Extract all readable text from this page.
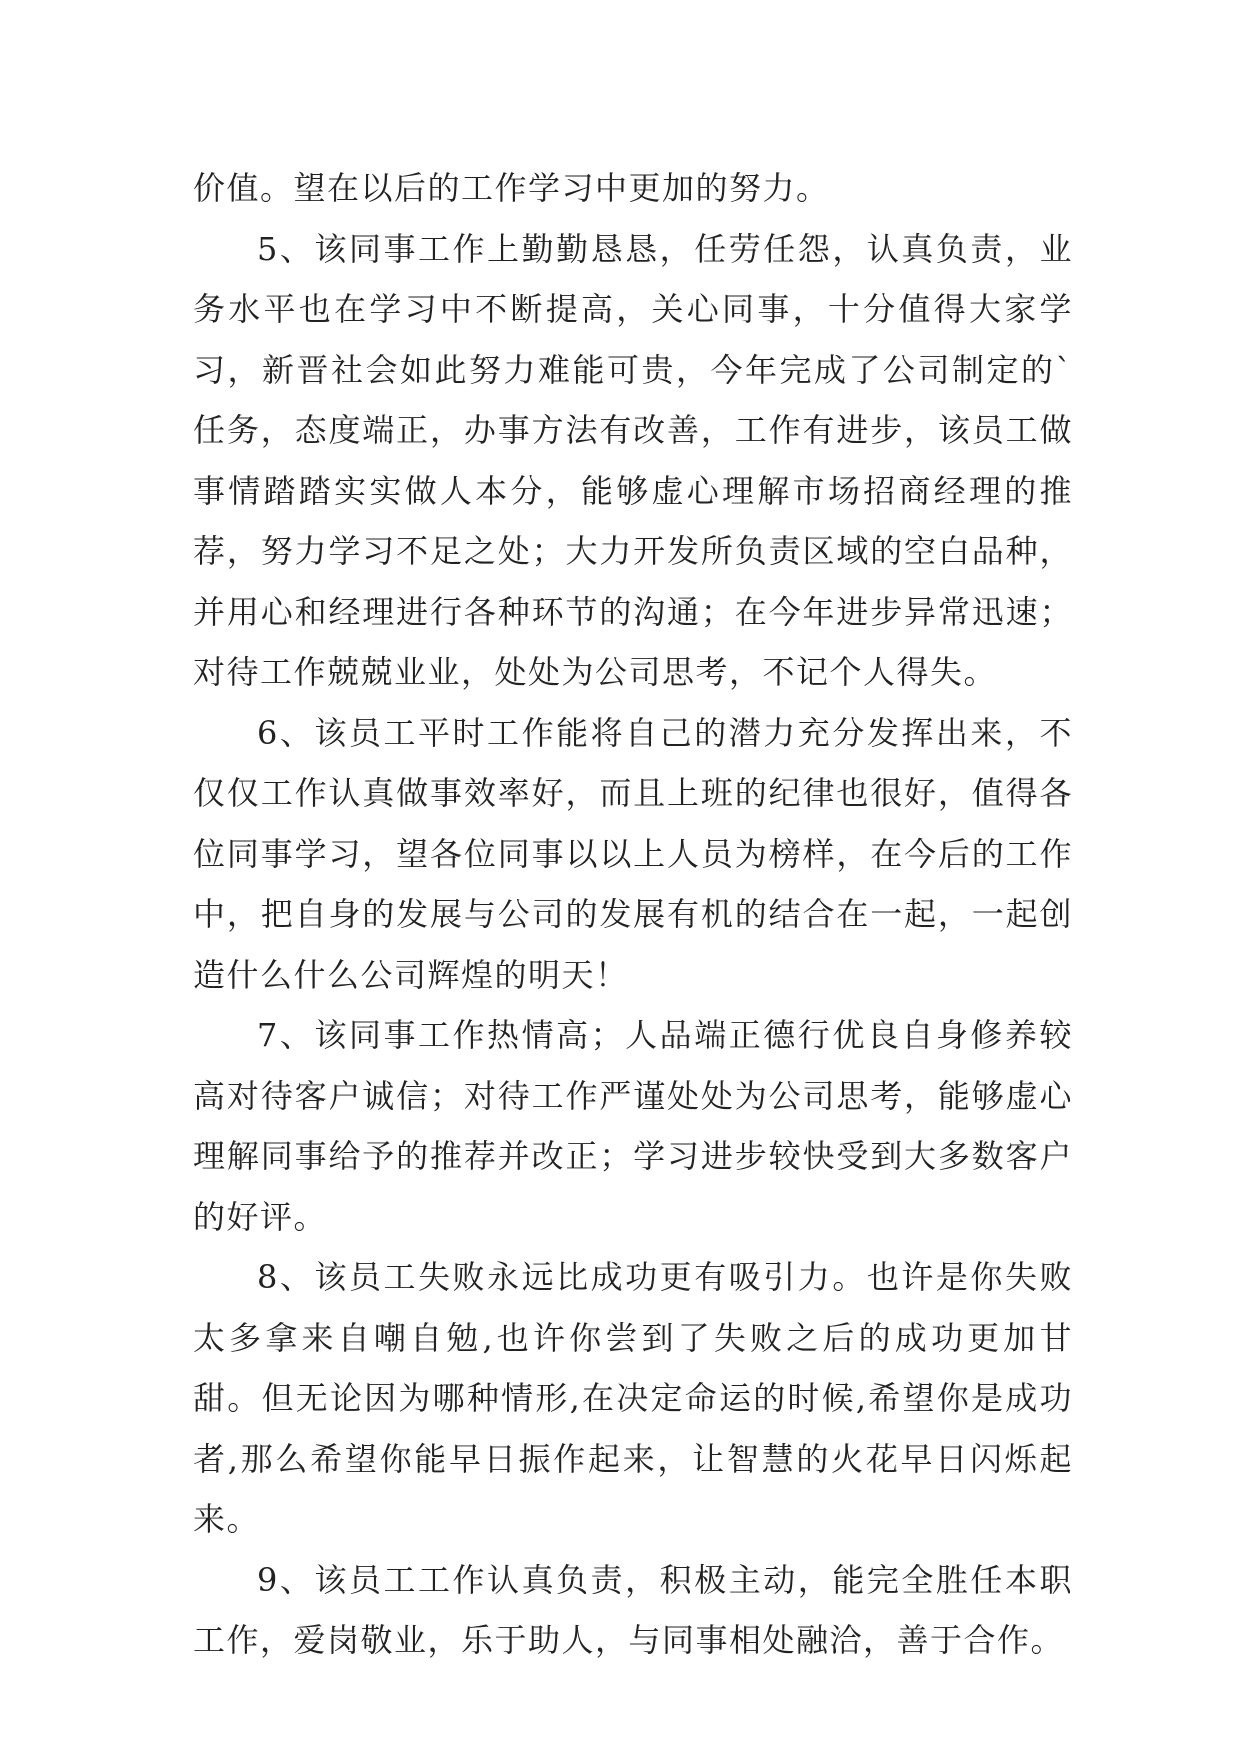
价值。望在以后的工作学习中更加的努力。

5、该同事工作上勤勤恳恳，任劳任怨，认真负责，业务水平也在学习中不断提高，关心同事，十分值得大家学习，新晋社会如此努力难能可贵，今年完成了公司制定的`任务，态度端正，办事方法有改善，工作有进步，该员工做事情踏踏实实做人本分，能够虚心理解市场招商经理的推荐，努力学习不足之处；大力开发所负责区域的空白品种，并用心和经理进行各种环节的沟通；在今年进步异常迅速；对待工作兢兢业业，处处为公司思考，不记个人得失。

6、该员工平时工作能将自己的潜力充分发挥出来，不仅仅工作认真做事效率好，而且上班的纪律也很好，值得各位同事学习，望各位同事以以上人员为榜样，在今后的工作中，把自身的发展与公司的发展有机的结合在一起，一起创造什么什么公司辉煌的明天！

7、该同事工作热情高；人品端正德行优良自身修养较高对待客户诚信；对待工作严谨处处为公司思考，能够虚心理解同事给予的推荐并改正；学习进步较快受到大多数客户的好评。

8、该员工失败永远比成功更有吸引力。也许是你失败太多拿来自嘲自勉,也许你尝到了失败之后的成功更加甘甜。但无论因为哪种情形,在决定命运的时候,希望你是成功者,那么希望你能早日振作起来，让智慧的火花早日闪烁起来。

9、该员工工作认真负责，积极主动，能完全胜任本职工作，爱岗敬业，乐于助人，与同事相处融洽，善于合作。
